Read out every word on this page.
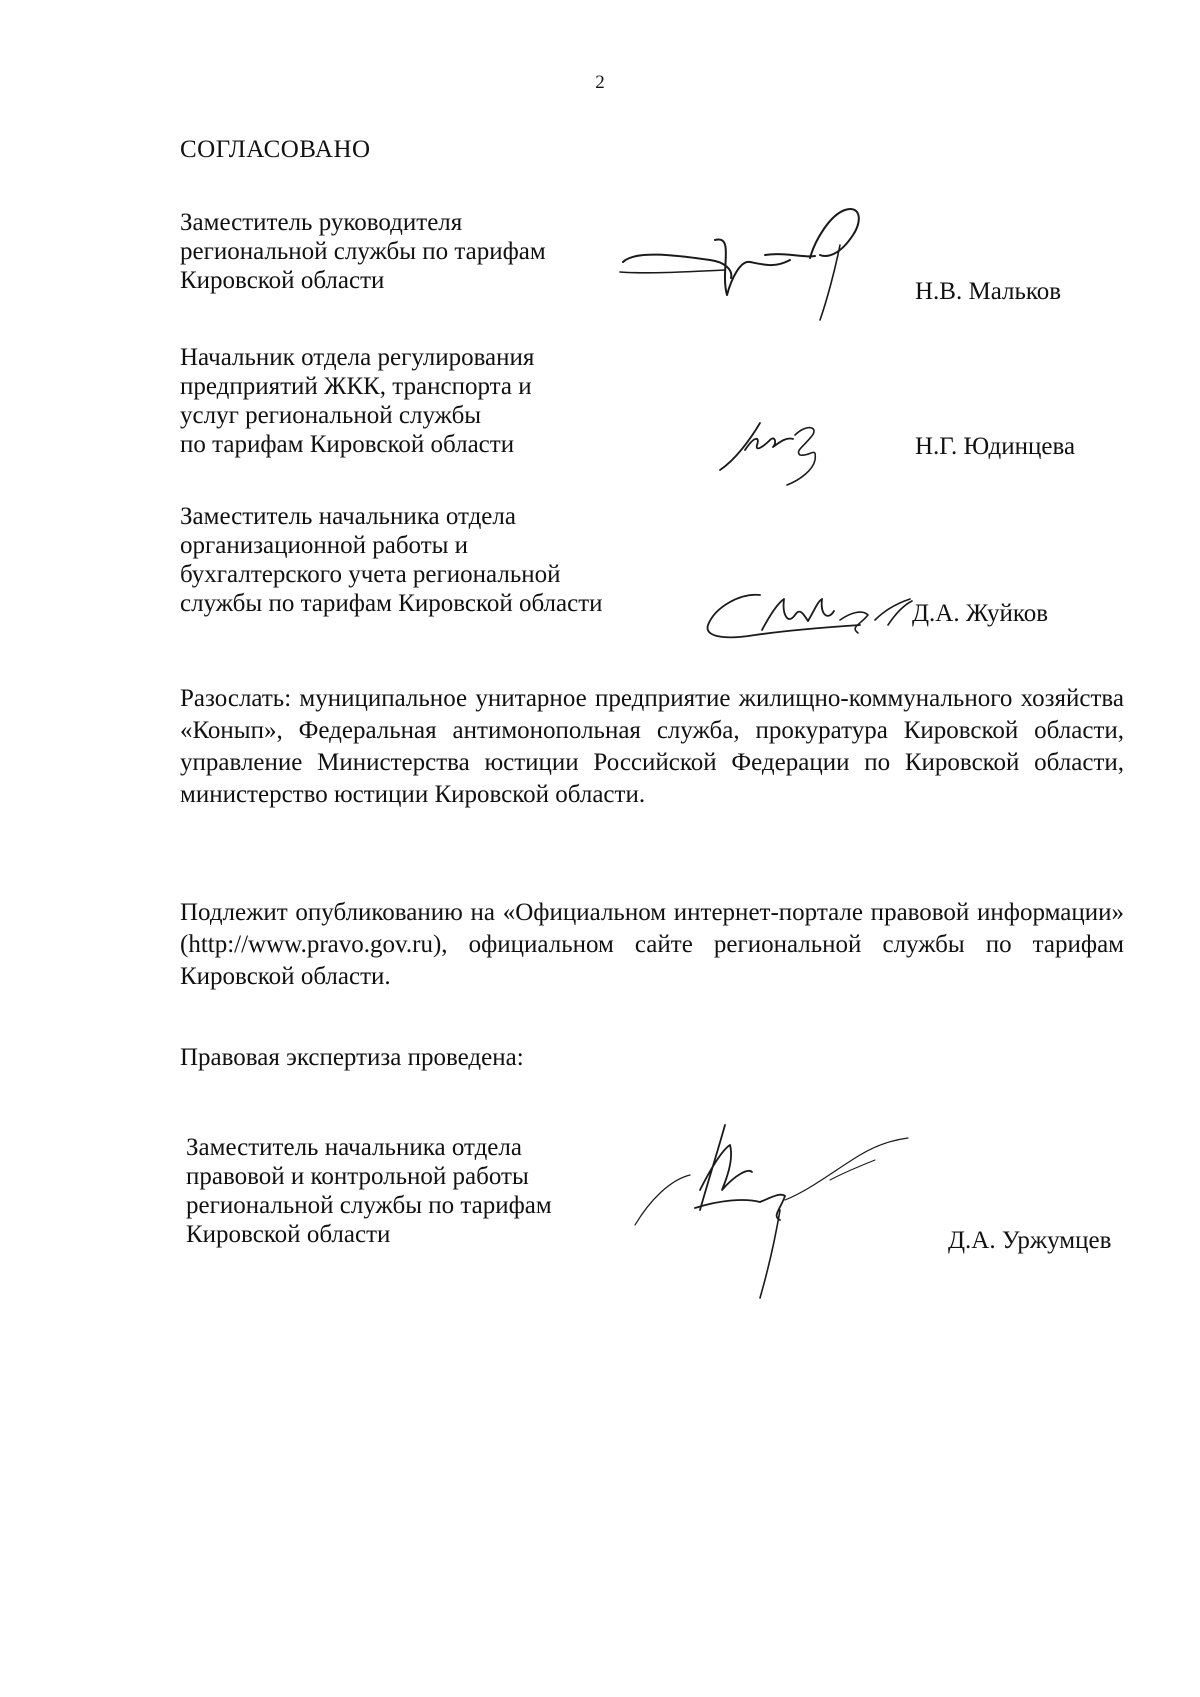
2
СОГЛАСОВАНО
Заместитель руководителя
региональной службы по тарифам
Кировской области	Н.В. Мальков
Начальник отдела регулирования
предприятий ЖКК, транспорта и
услуг региональной службы
по тарифам Кировской области	Н.Г. Юдинцева
Заместитель начальника отдела
организационной работы и
бухгалтерского учета региональной
службы по тарифам Кировской области	Д.А. Жуйков
Разослать: муниципальное унитарное предприятие жилищно-коммунального хозяйства «Конып», Федеральная антимонопольная служба, прокуратура Кировской области, управление Министерства юстиции Российской Федерации по Кировской области, министерство юстиции Кировской области.
Подлежит опубликованию на «Официальном интернет-портале правовой информации» (http://www.pravo.gov.ru), официальном сайте региональной службы по тарифам Кировской области.
Правовая экспертиза проведена:
Заместитель начальника отдела
правовой и контрольной работы
региональной службы по тарифам
Кировской области	Д.А. Уржумцев
